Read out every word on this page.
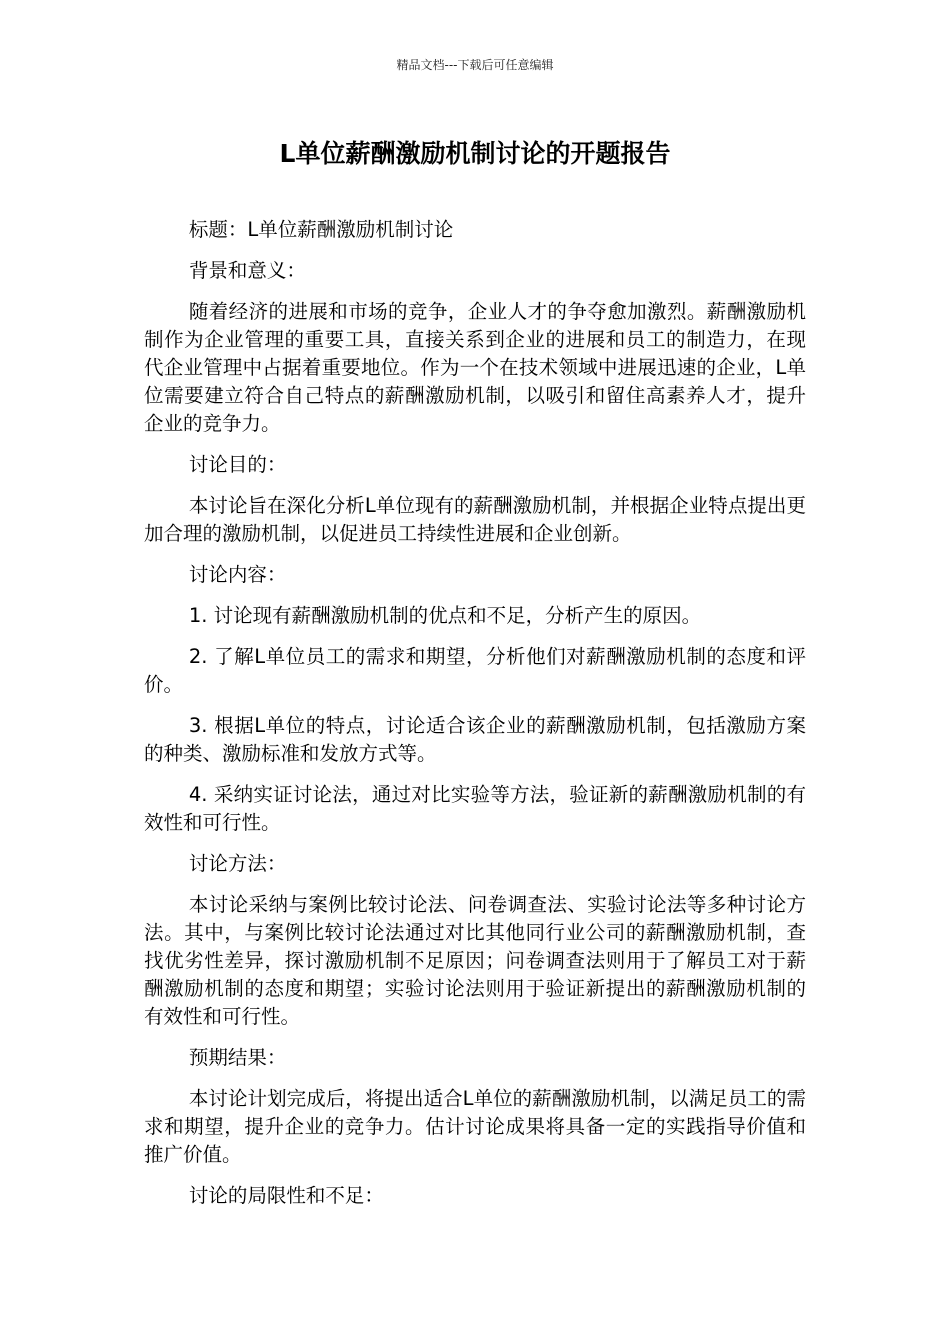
精品文档---下载后可任意编辑
L单位薪酬激励机制讨论的开题报告

标题：L单位薪酬激励机制讨论

背景和意义：

随着经济的进展和市场的竞争，企业人才的争夺愈加激烈。薪酬激励机制作为企业管理的重要工具，直接关系到企业的进展和员工的制造力，在现代企业管理中占据着重要地位。作为一个在技术领域中进展迅速的企业，L单位需要建立符合自己特点的薪酬激励机制，以吸引和留住高素养人才，提升企业的竞争力。

讨论目的：

本讨论旨在深化分析L单位现有的薪酬激励机制，并根据企业特点提出更加合理的激励机制，以促进员工持续性进展和企业创新。

讨论内容：

1. 讨论现有薪酬激励机制的优点和不足，分析产生的原因。

2. 了解L单位员工的需求和期望，分析他们对薪酬激励机制的态度和评价。

3. 根据L单位的特点，讨论适合该企业的薪酬激励机制，包括激励方案的种类、激励标准和发放方式等。

4. 采纳实证讨论法，通过对比实验等方法，验证新的薪酬激励机制的有效性和可行性。

讨论方法：

本讨论采纳与案例比较讨论法、问卷调查法、实验讨论法等多种讨论方法。其中，与案例比较讨论法通过对比其他同行业公司的薪酬激励机制，查找优劣性差异，探讨激励机制不足原因；问卷调查法则用于了解员工对于薪酬激励机制的态度和期望；实验讨论法则用于验证新提出的薪酬激励机制的有效性和可行性。

预期结果：

本讨论计划完成后，将提出适合L单位的薪酬激励机制，以满足员工的需求和期望，提升企业的竞争力。估计讨论成果将具备一定的实践指导价值和推广价值。

讨论的局限性和不足：
